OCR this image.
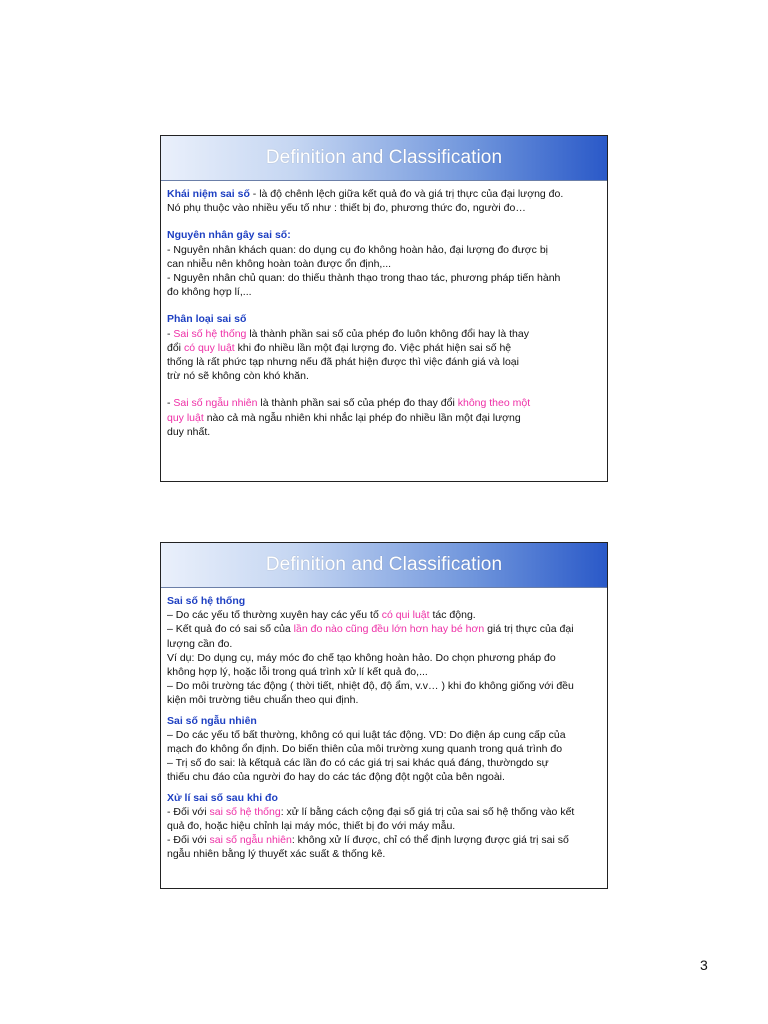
Definition and Classification

Khái niệm sai số - là độ chênh lệch giữa kết quả đo và giá trị thực của đại lượng đo.

Nó phụ thuộc vào nhiều yếu tố như : thiết bị đo, phương thức đo, người đo…

Nguyên nhân gây sai số:

- Nguyên nhân khách quan: do dụng cụ đo không hoàn hảo, đại lượng đo được bị

can nhiễu nên không hoàn toàn được ổn định,...

- Nguyên nhân chủ quan: do thiếu thành thạo trong thao tác, phương pháp tiến hành

đo không hợp lí,...

Phân loại sai số

- Sai số hệ thống là thành phần sai số của phép đo luôn không đổi hay là thay

đổi có quy luật khi đo nhiều lần một đại lượng đo. Việc phát hiện sai số hệ

thống là rất phức tạp nhưng nếu đã phát hiện được thì việc đánh giá và loại

trừ nó sẽ không còn khó khăn.

- Sai số ngẫu nhiên là thành phần sai số của phép đo thay đổi không theo một

quy luật nào cả mà ngẫu nhiên khi nhắc lại phép đo nhiều lần một đại lượng

duy nhất.

Definition and Classification

Sai số hệ thống

– Do các yếu tố thường xuyên hay các yếu tố có qui luật tác động.

– Kết quả đo có sai số của lần đo nào cũng đều lớn hơn hay bé hơn giá trị thực của đại

lượng cần đo.

Ví dụ: Do dụng cụ, máy móc đo chế tạo không hoàn hảo. Do chọn phương pháp đo

không hợp lý, hoặc lỗi trong quá trình xử lí kết quả đo,...

– Do môi trường tác động ( thời tiết, nhiệt độ, độ ẩm, v.v… ) khi đo không giống với đều

kiện môi trường tiêu chuẩn theo qui định.

Sai số ngẫu nhiên

– Do các yếu tố bất thường, không có qui luật tác động. VD: Do điện áp cung cấp của

mạch đo không ổn định. Do biến thiên của môi trường xung quanh trong quá trình đo

– Trị số đo sai: là kếtquả các lần đo có các giá trị sai khác quá đáng, thườngdo sự

thiếu chu đáo của người đo hay do các tác động đột ngột của bên ngoài.

Xử lí sai số sau khi đo

- Đối với sai số hệ thống: xử lí bằng cách cộng đại số giá trị của sai số hệ thống vào kết

quả đo, hoặc hiệu chỉnh lại máy móc, thiết bị đo với máy mẫu.

- Đối với sai số ngẫu nhiên: không xử lí được, chỉ có thể định lượng được giá trị sai số

ngẫu nhiên bằng lý thuyết xác suất & thống kê.

3
